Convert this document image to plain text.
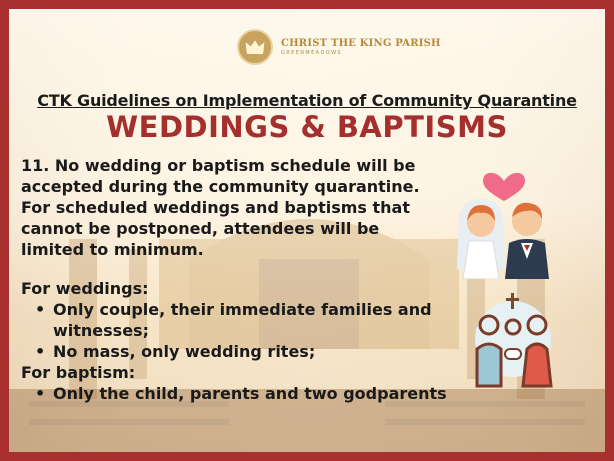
CHRIST THE KING PARISH
GREENMEADOWS
CTK Guidelines on Implementation of Community Quarantine
WEDDINGS & BAPTISMS

11. No wedding or baptism schedule will be

accepted during the community quarantine.

For scheduled weddings and baptisms that

cannot be postponed, attendees will be

limited to minimum.

For weddings:

• Only couple, their immediate families and
witnesses;
• No mass, only wedding rites;

For baptism:

• Only the child, parents and two godparents
